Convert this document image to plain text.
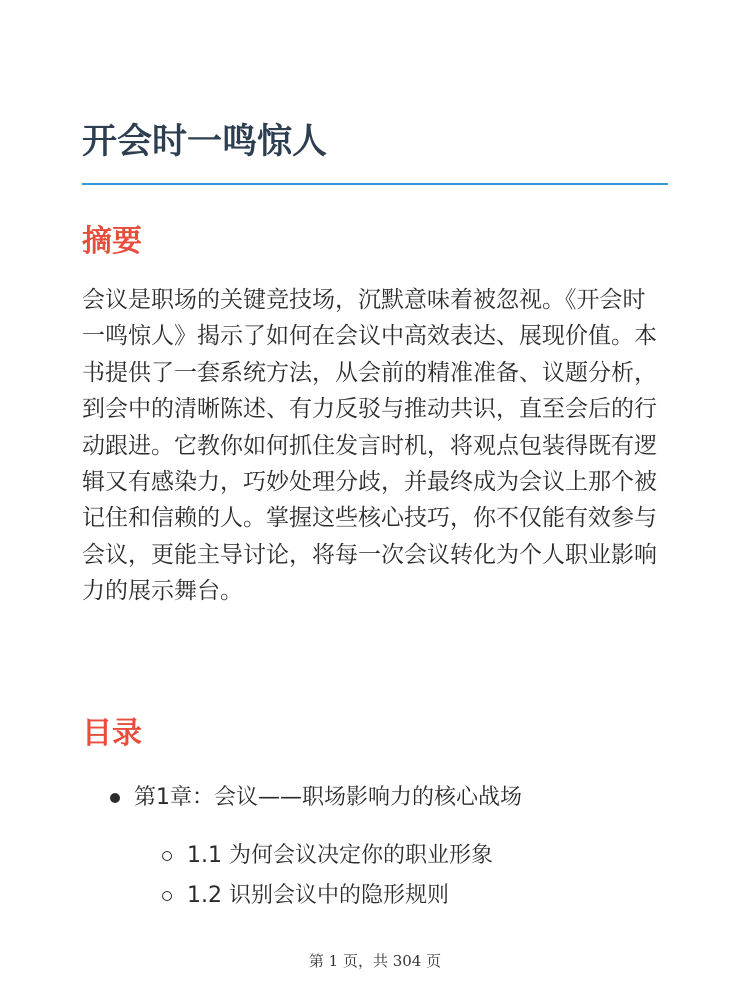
开会时一鸣惊人
摘要

会议是职场的关键竞技场，沉默意味着被忽视。《开会时一鸣惊人》揭示了如何在会议中高效表达、展现价值。本书提供了一套系统方法，从会前的精准准备、议题分析，到会中的清晰陈述、有力反驳与推动共识，直至会后的行动跟进。它教你如何抓住发言时机，将观点包装得既有逻辑又有感染力，巧妙处理分歧，并最终成为会议上那个被记住和信赖的人。掌握这些核心技巧，你不仅能有效参与会议，更能主导讨论，将每一次会议转化为个人职业影响力的展示舞台。

目录
第1章：会议——职场影响力的核心战场
1.1 为何会议决定你的职业形象
1.2 识别会议中的隐形规则
第 1 页，共 304 页
